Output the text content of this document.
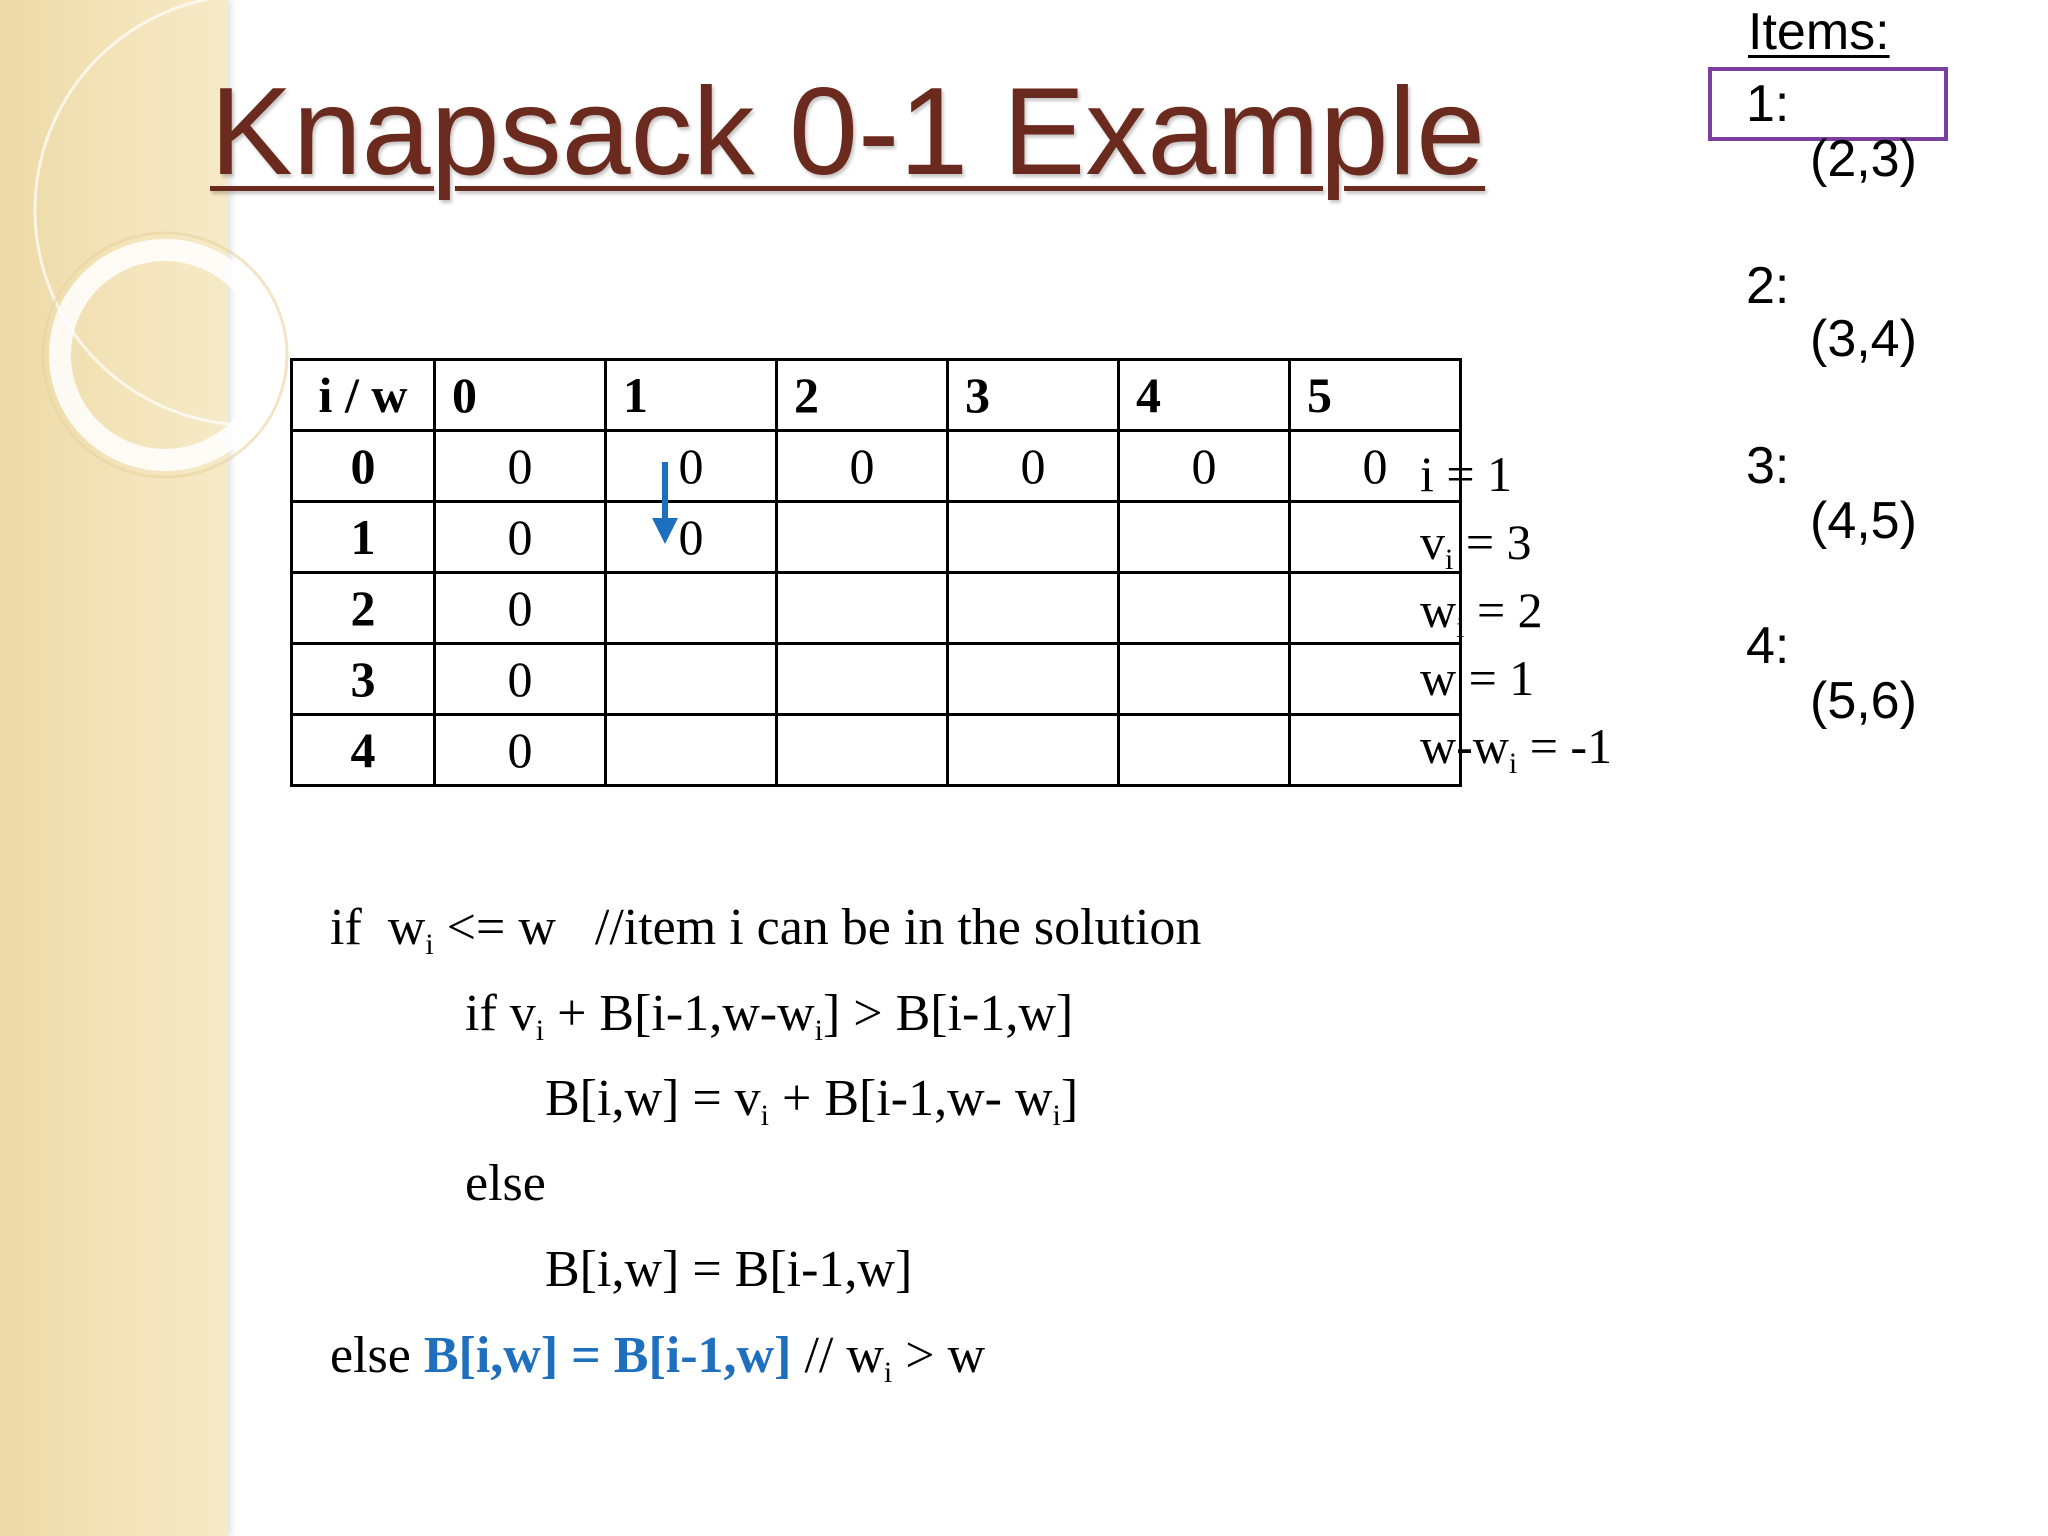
Knapsack 0-1 Example
i / w	0	1	2	3	4	5
0	0	0	0	0	0	0
1	0	0				
2	0					
3	0					
4	0					
i = 1
$v_i = 3$
$w_i = 2$
w = 1
$w-w_i = -1$
Items:
1:
(2,3)
2:
(3,4)
3:
(4,5)
4:
(5,6)
if  $w_i <= w$   //item i can be in the solution
if $v_i + B[i-1,w-w_i] > B[i-1,w]$
$B[i,w] = v_i + B[i-1,w-$ $w_i$]
else
B[i,w] = B[i-1,w]
else $B[i,w] = B[i-1,w] // w_i > w$
